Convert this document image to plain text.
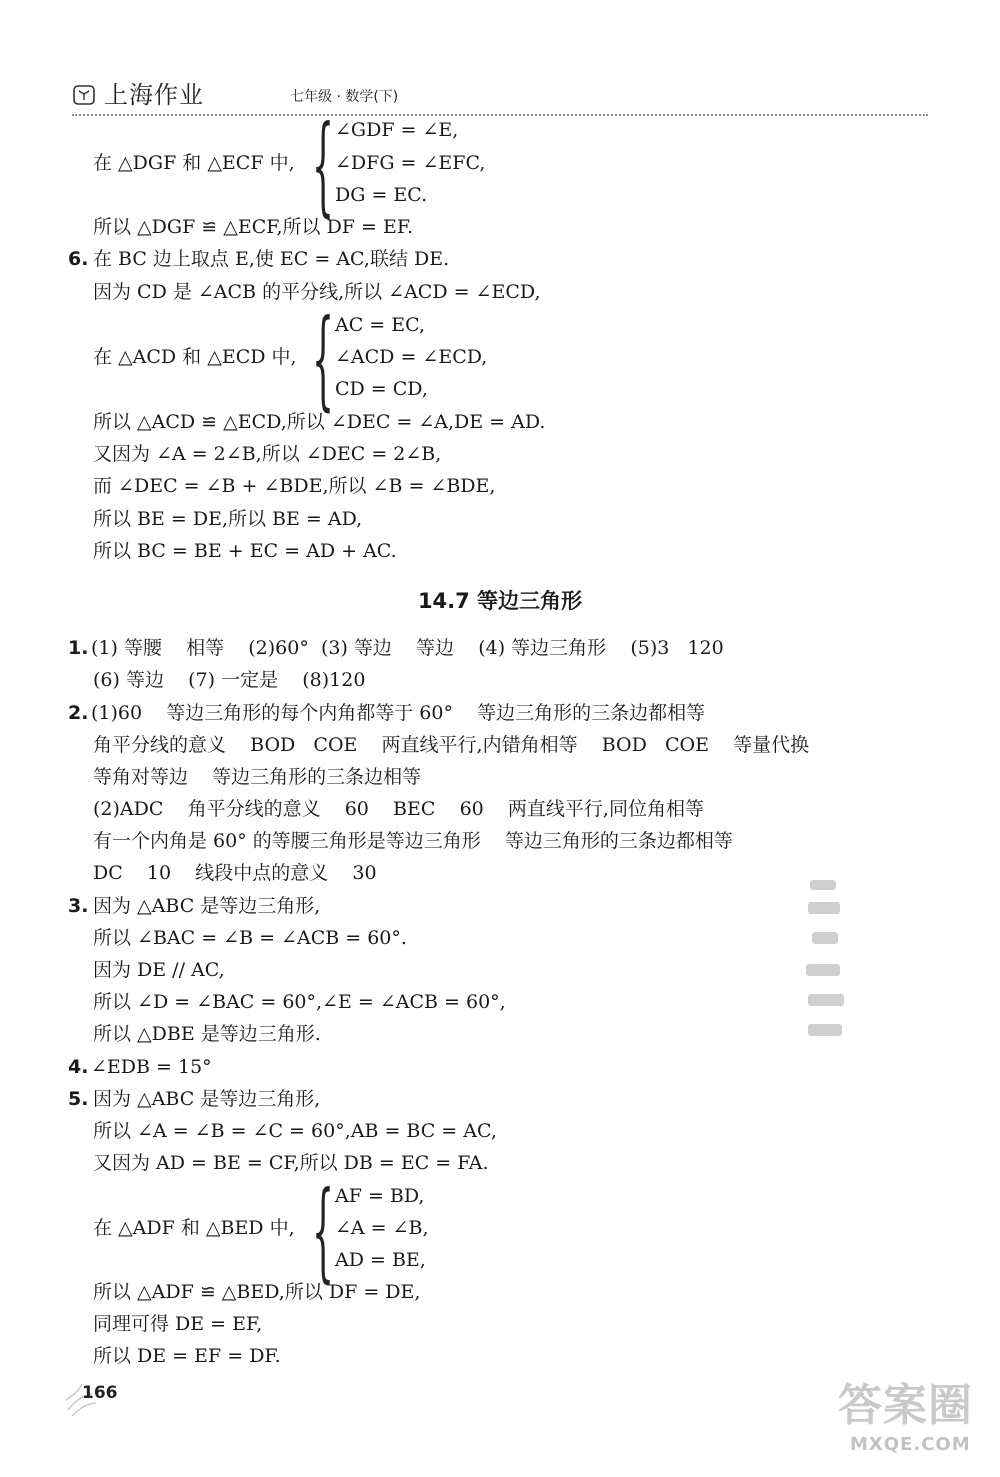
上海作业	七年级 · 数学(下)
∠GDF = ∠E,
在 △DGF 和 △ECF 中, { ∠DFG = ∠EFC,
DG = EC.
所以 △DGF ≌ △ECF,所以 DF = EF.
6. 在 BC 边上取点 E,使 EC = AC,联结 DE.
因为 CD 是 ∠ACB 的平分线,所以 ∠ACD = ∠ECD,
AC = EC,
在 △ACD 和 △ECD 中, { ∠ACD = ∠ECD,
CD = CD,
所以 △ACD ≌ △ECD,所以 ∠DEC = ∠A,DE = AD.
又因为 ∠A = 2∠B,所以 ∠DEC = 2∠B,
而 ∠DEC = ∠B + ∠BDE,所以 ∠B = ∠BDE,
所以 BE = DE,所以 BE = AD,
所以 BC = BE + EC = AD + AC.
14.7 等边三角形
1. (1) 等腰    相等    (2)60°  (3) 等边    等边    (4) 等边三角形    (5)3   120
(6) 等边    (7) 一定是    (8)120
2. (1)60    等边三角形的每个内角都等于 60°    等边三角形的三条边都相等
角平分线的意义    BOD   COE    两直线平行,内错角相等    BOD   COE    等量代换
等角对等边    等边三角形的三条边相等
(2)ADC    角平分线的意义    60    BEC    60    两直线平行,同位角相等
有一个内角是 60° 的等腰三角形是等边三角形    等边三角形的三条边都相等
DC    10    线段中点的意义    30
3. 因为 △ABC 是等边三角形,
所以 ∠BAC = ∠B = ∠ACB = 60°.
因为 DE // AC,
所以 ∠D = ∠BAC = 60°,∠E = ∠ACB = 60°,
所以 △DBE 是等边三角形.
4. ∠EDB = 15°
5. 因为 △ABC 是等边三角形,
所以 ∠A = ∠B = ∠C = 60°,AB = BC = AC,
又因为 AD = BE = CF,所以 DB = EC = FA.
AF = BD,
在 △ADF 和 △BED 中, { ∠A = ∠B,
AD = BE,
所以 △ADF ≌ △BED,所以 DF = DE,
同理可得 DE = EF,
所以 DE = EF = DF.
166	答案圈
MXQE.COM
